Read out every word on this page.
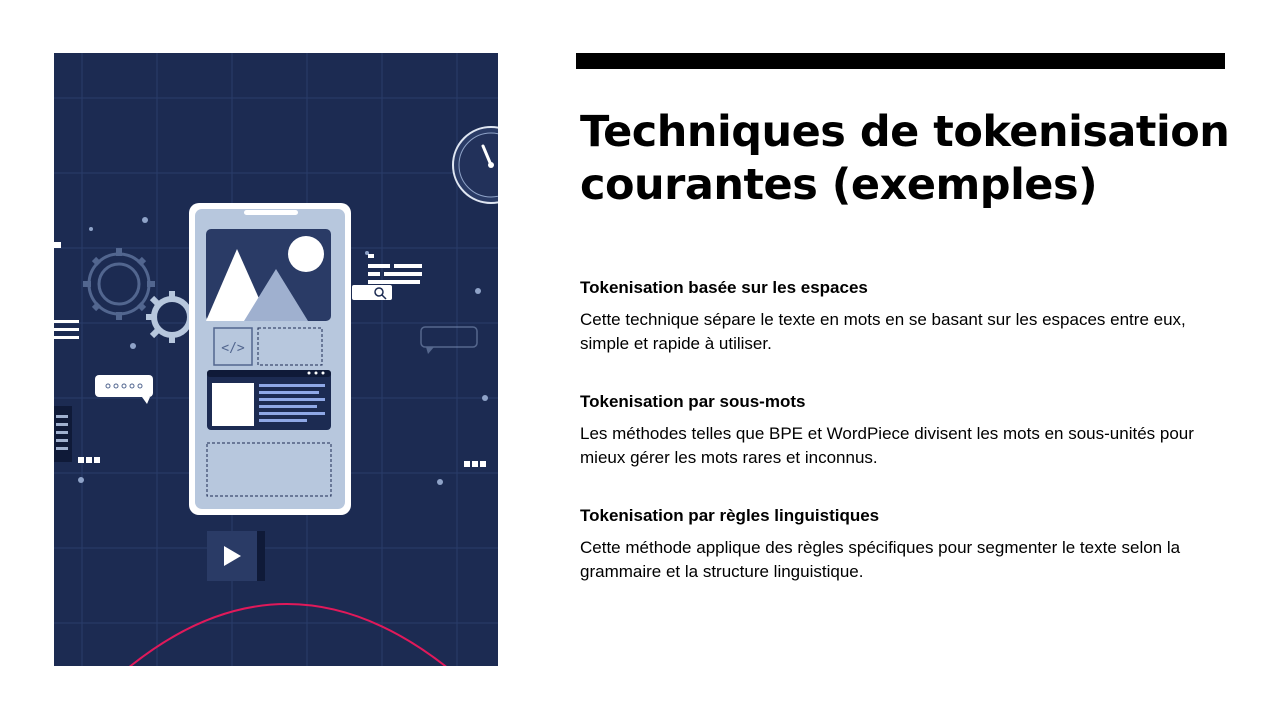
</>
Techniques de tokenisation courantes (exemples)
Tokenisation basée sur les espaces
Cette technique sépare le texte en mots en se basant sur les espaces entre eux, simple et rapide à utiliser.
Tokenisation par sous-mots
Les méthodes telles que BPE et WordPiece divisent les mots en sous-unités pour mieux gérer les mots rares et inconnus.
Tokenisation par règles linguistiques
Cette méthode applique des règles spécifiques pour segmenter le texte selon la grammaire et la structure linguistique.
